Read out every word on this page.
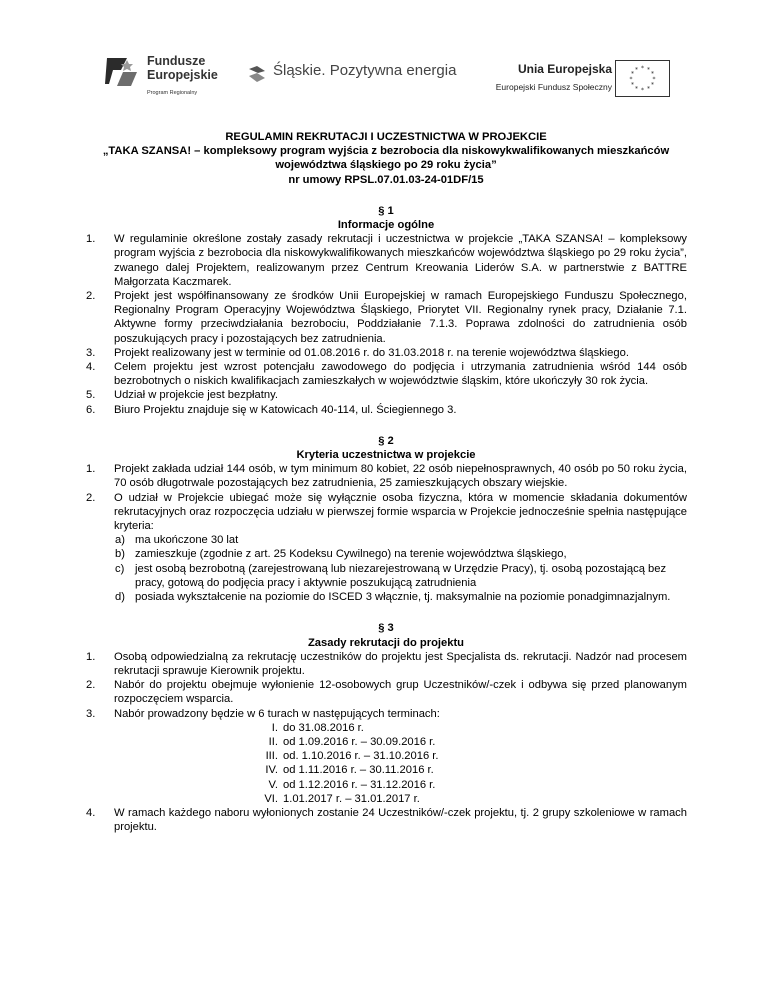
Fundusze
Europejskie
Program Regionalny
Śląskie. Pozytywna energia	Unia Europejska
Europejski Fundusz Społeczny
* *
*
*
*
*
*
*
*
*
*
*
REGULAMIN REKRUTACJI I UCZESTNICTWA W PROJEKCIE
„TAKA SZANSA! – kompleksowy program wyjścia z bezrobocia dla niskowykwalifikowanych mieszkańców
województwa śląskiego po 29 roku życia”
nr umowy RPSL.07.01.03-24-01DF/15
§ 1
Informacje ogólne
1. W regulaminie określone zostały zasady rekrutacji i uczestnictwa w projekcie „TAKA SZANSA! – kompleksowy program wyjścia z bezrobocia dla niskowykwalifikowanych mieszkańców województwa śląskiego po 29 roku życia”, zwanego dalej Projektem, realizowanym przez Centrum Kreowania Liderów S.A. w partnerstwie z BATTRE Małgorzata Kaczmarek.
2. Projekt jest współfinansowany ze środków Unii Europejskiej w ramach Europejskiego Funduszu Społecznego, Regionalny Program Operacyjny Województwa Śląskiego, Priorytet VII. Regionalny rynek pracy, Działanie 7.1. Aktywne formy przeciwdziałania bezrobociu, Poddziałanie 7.1.3. Poprawa zdolności do zatrudnienia osób poszukujących pracy i pozostających bez zatrudnienia.
3. Projekt realizowany jest w terminie od 01.08.2016 r. do 31.03.2018 r. na terenie województwa śląskiego.
4. Celem projektu jest wzrost potencjału zawodowego do podjęcia i utrzymania zatrudnienia wśród 144 osób bezrobotnych o niskich kwalifikacjach zamieszkałych w województwie śląskim, które ukończyły 30 rok życia.
5. Udział w projekcie jest bezpłatny.
6. Biuro Projektu znajduje się w Katowicach 40-114, ul. Ściegiennego 3.
§ 2
Kryteria uczestnictwa w projekcie
1. Projekt zakłada udział 144 osób, w tym minimum 80 kobiet, 22 osób niepełnosprawnych, 40 osób po 50 roku życia, 70 osób długotrwale pozostających bez zatrudnienia, 25 zamieszkujących obszary wiejskie.
2. O udział w Projekcie ubiegać może się wyłącznie osoba fizyczna, która w momencie składania dokumentów rekrutacyjnych oraz rozpoczęcia udziału w pierwszej formie wsparcia w Projekcie jednocześnie spełnia następujące kryteria:
a) ma ukończone 30 lat
b) zamieszkuje (zgodnie z art. 25 Kodeksu Cywilnego) na terenie województwa śląskiego,
c) jest osobą bezrobotną (zarejestrowaną lub niezarejestrowaną w Urzędzie Pracy), tj. osobą pozostającą bez pracy, gotową do podjęcia pracy i aktywnie poszukującą zatrudnienia
d) posiada wykształcenie na poziomie do ISCED 3 włącznie, tj. maksymalnie na poziomie ponadgimnazjalnym.
§ 3
Zasady rekrutacji do projektu
1. Osobą odpowiedzialną za rekrutację uczestników do projektu jest Specjalista ds. rekrutacji. Nadzór nad procesem rekrutacji sprawuje Kierownik projektu.
2. Nabór do projektu obejmuje wyłonienie 12-osobowych grup Uczestników/-czek i odbywa się przed planowanym rozpoczęciem wsparcia.
3. Nabór prowadzony będzie w 6 turach w następujących terminach:
I. do 31.08.2016 r.
II. od 1.09.2016 r. – 30.09.2016 r.
III. od. 1.10.2016 r. – 31.10.2016 r.
IV. od 1.11.2016 r. – 30.11.2016 r.
V. od 1.12.2016 r. – 31.12.2016 r.
VI. 1.01.2017 r. – 31.01.2017 r.
4. W ramach każdego naboru wyłonionych zostanie 24 Uczestników/-czek projektu, tj. 2 grupy szkoleniowe w ramach projektu.
